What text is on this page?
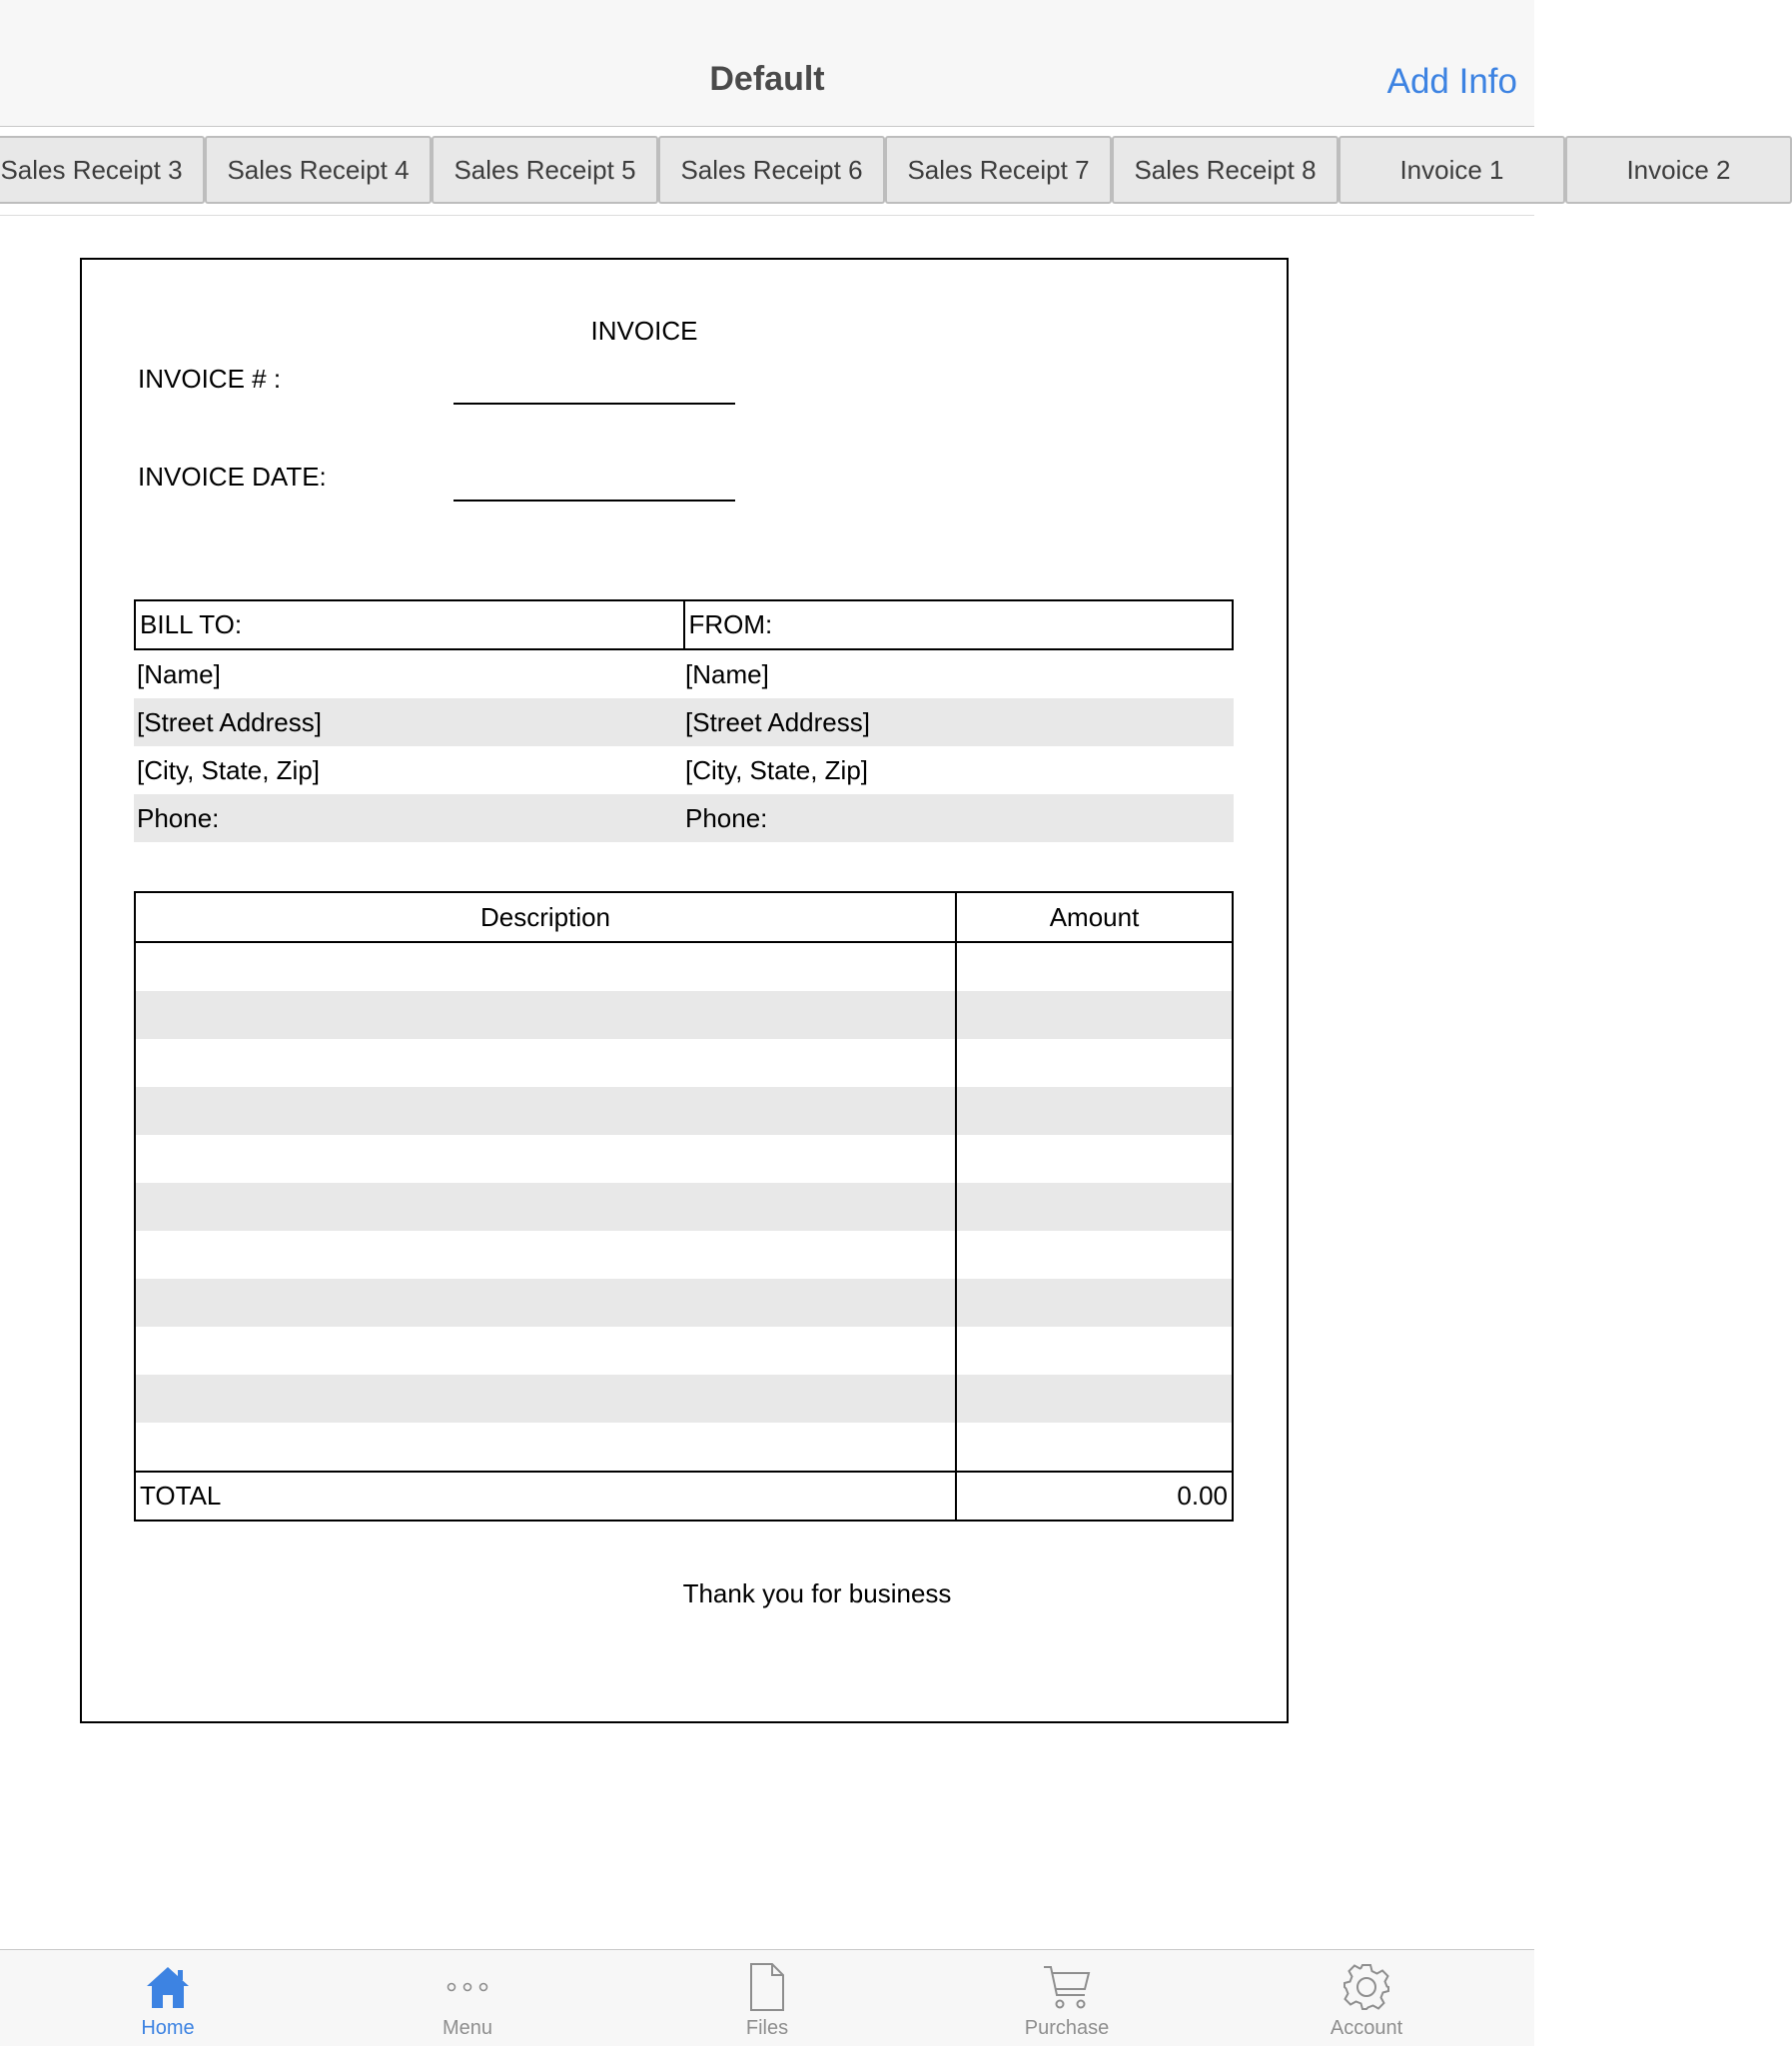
Default	Add Info
Sales Receipt 3	Sales Receipt 4	Sales Receipt 5	Sales Receipt 6	Sales Receipt 7	Sales Receipt 8	Invoice 1	Invoice 2
INVOICE
INVOICE # :
INVOICE DATE:
BILL TO:	FROM:
[Name]	[Name]
[Street Address]	[Street Address]
[City, State, Zip]	[City, State, Zip]
Phone:	Phone:
Description	Amount
TOTAL	0.00
Thank you for business
Home	Menu	Files	Purchase	Account
